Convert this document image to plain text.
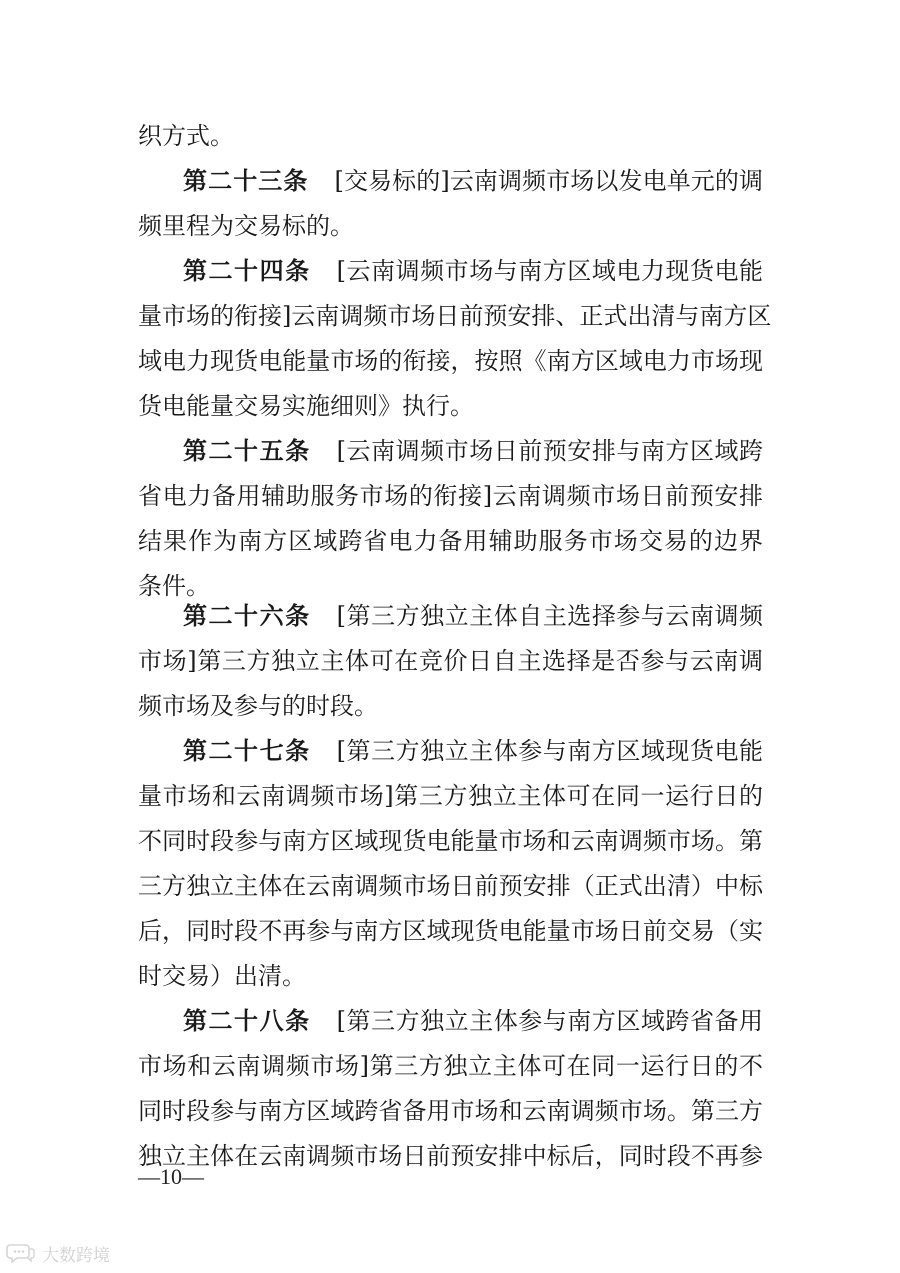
织方式。
第二十三条 [交易标的]云南调频市场以发电单元的调
频里程为交易标的。
第二十四条 [云南调频市场与南方区域电力现货电能
量市场的衔接]云南调频市场日前预安排、正式出清与南方区
域电力现货电能量市场的衔接，按照《南方区域电力市场现
货电能量交易实施细则》执行。
第二十五条 [云南调频市场日前预安排与南方区域跨
省电力备用辅助服务市场的衔接]云南调频市场日前预安排
结果作为南方区域跨省电力备用辅助服务市场交易的边界
条件。
第二十六条 [第三方独立主体自主选择参与云南调频
市场]第三方独立主体可在竞价日自主选择是否参与云南调
频市场及参与的时段。
第二十七条 [第三方独立主体参与南方区域现货电能
量市场和云南调频市场]第三方独立主体可在同一运行日的
不同时段参与南方区域现货电能量市场和云南调频市场。第
三方独立主体在云南调频市场日前预安排（正式出清）中标
后，同时段不再参与南方区域现货电能量市场日前交易（实
时交易）出清。
第二十八条 [第三方独立主体参与南方区域跨省备用
市场和云南调频市场]第三方独立主体可在同一运行日的不
同时段参与南方区域跨省备用市场和云南调频市场。第三方
独立主体在云南调频市场日前预安排中标后，同时段不再参
—10—
大数跨境
